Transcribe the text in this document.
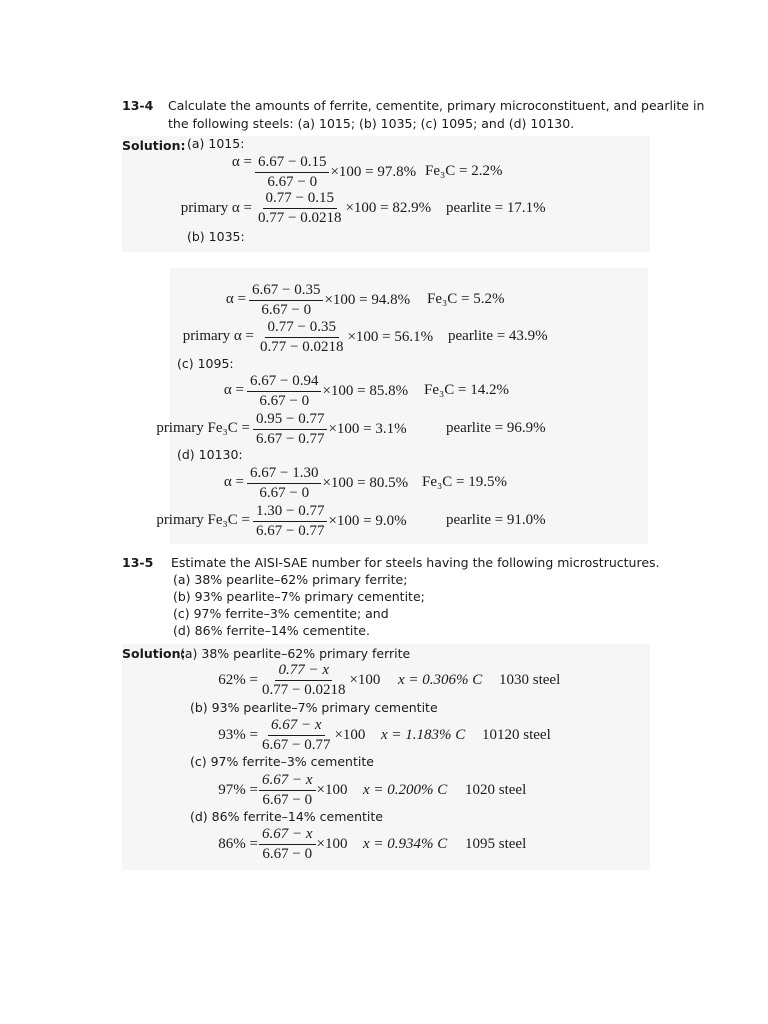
13-4 Calculate the amounts of ferrite, cementite, primary microconstituent, and pearlite in
the following steels: (a) 1015; (b) 1035; (c) 1095; and (d) 10130.
Solution: (a) 1015:
$\alpha = \frac{6.67 - 0.15}{6.67 - 0} \times 100 = 97.8\%$ Fe₃C = 2.2%
primary $\alpha = \frac{0.77 - 0.15}{0.77 - 0.0218} \times 100 = 82.9\%$ pearlite = 17.1%
(b) 1035:
$\alpha = \frac{6.67 - 0.35}{6.67 - 0} \times 100 = 94.8\%$ Fe₃C = 5.2%
primary $\alpha = \frac{0.77 - 0.35}{0.77 - 0.0218} \times 100 = 56.1\%$ pearlite = 43.9%
(c) 1095:
$\alpha = \frac{6.67 - 0.94}{6.67 - 0} \times 100 = 85.8\%$ Fe₃C = 14.2%
primary $Fe_3C = \frac{0.95 - 0.77}{6.67 - 0.77} \times 100 = 3.1\%$	pearlite = 96.9%
(d) 10130:
$\alpha = \frac{6.67 - 1.30}{6.67 - 0} \times 100 = 80.5\%$ Fe₃C = 19.5%
primary $Fe_3C = \frac{1.30 - 0.77}{6.67 - 0.77} \times 100 = 9.0\%$	pearlite = 91.0%
13-5 Estimate the AISI-SAE number for steels having the following microstructures.
(a) 38% pearlite–62% primary ferrite;
(b) 93% pearlite–7% primary cementite;
(c) 97% ferrite–3% cementite; and
(d) 86% ferrite–14% cementite.
Solution:
(a) 38% pearlite–62% primary ferrite
$62\% = \frac{0.77 - x}{0.77 - 0.0218} \times 100$ x = 0.306% C 1030 steel
(b) 93% pearlite–7% primary cementite
$93\% = \frac{6.67 - x}{6.67 - 0.77} \times 100$ x = 1.183% C 10120 steel
(c) 97% ferrite–3% cementite
$97\% = \frac{6.67 - x}{6.67 - 0} \times 100$ x = 0.200% C 1020 steel
(d) 86% ferrite–14% cementite
$86\% = \frac{6.67 - x}{6.67 - 0} \times 100$ x = 0.934% C 1095 steel
